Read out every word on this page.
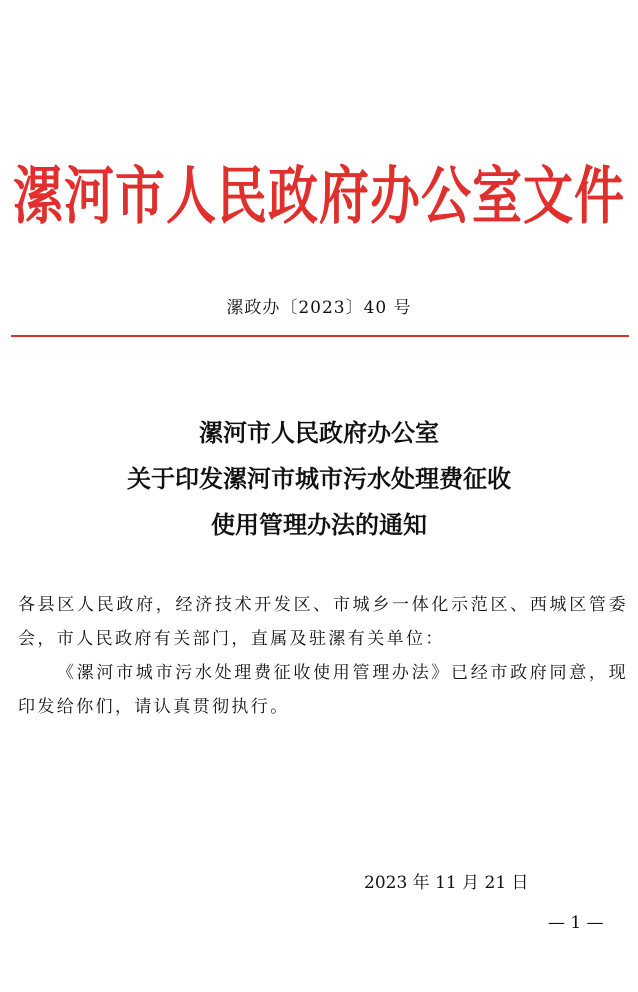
漯河市人民政府办公室文件
漯政办〔2023〕40 号
漯河市人民政府办公室
关于印发漯河市城市污水处理费征收
使用管理办法的通知

各县区人民政府，经济技术开发区、市城乡一体化示范区、西城区管委会，市人民政府有关部门，直属及驻漯有关单位：

《漯河市城市污水处理费征收使用管理办法》已经市政府同意，现印发给你们，请认真贯彻执行。

2023 年 11 月 21 日
— 1 —
